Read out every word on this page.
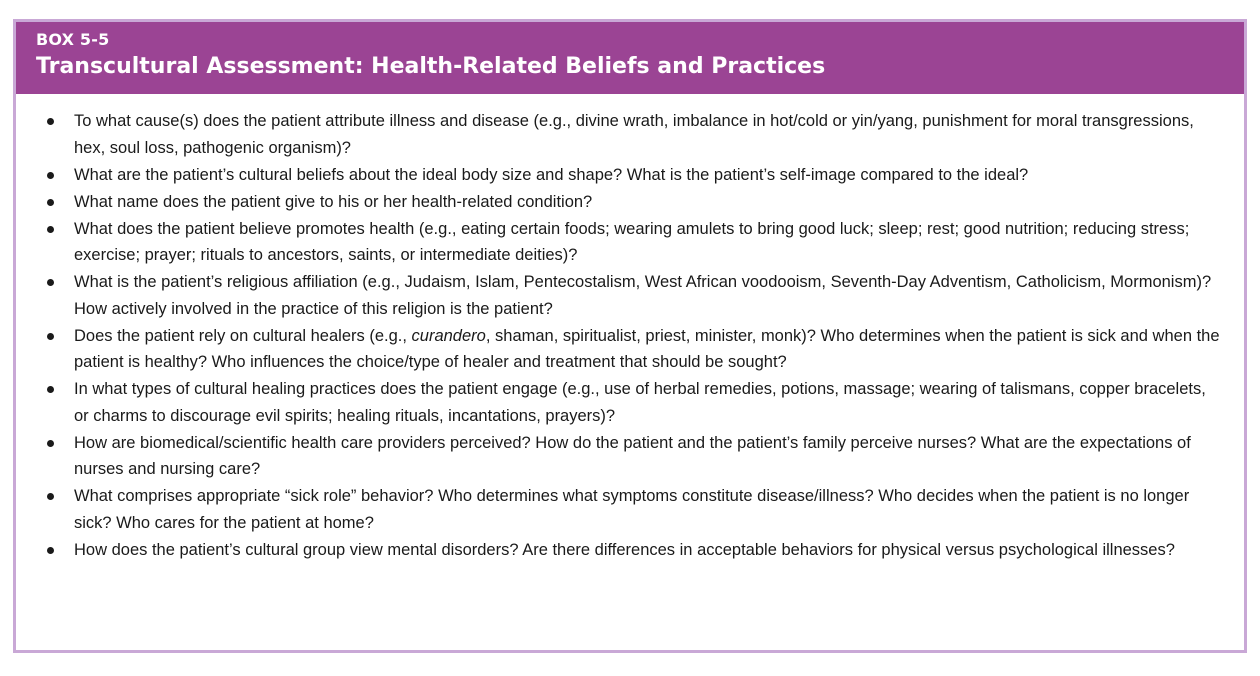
BOX 5-5
Transcultural Assessment: Health-Related Beliefs and Practices
To what cause(s) does the patient attribute illness and disease (e.g., divine wrath, imbalance in hot/cold or yin/yang, punishment for moral transgressions, hex, soul loss, pathogenic organism)?
What are the patient’s cultural beliefs about the ideal body size and shape? What is the patient’s self-image compared to the ideal?
What name does the patient give to his or her health-related condition?
What does the patient believe promotes health (e.g., eating certain foods; wearing amulets to bring good luck; sleep; rest; good nutrition; reducing stress; exercise; prayer; rituals to ancestors, saints, or intermediate deities)?
What is the patient’s religious affiliation (e.g., Judaism, Islam, Pentecostalism, West African voodooism, Seventh-Day Adventism, Catholicism, Mormonism)? How actively involved in the practice of this religion is the patient?
Does the patient rely on cultural healers (e.g., curandero, shaman, spiritualist, priest, minister, monk)? Who determines when the patient is sick and when the patient is healthy? Who influences the choice/type of healer and treatment that should be sought?
In what types of cultural healing practices does the patient engage (e.g., use of herbal remedies, potions, massage; wearing of talismans, copper bracelets, or charms to discourage evil spirits; healing rituals, incantations, prayers)?
How are biomedical/scientific health care providers perceived? How do the patient and the patient’s family perceive nurses? What are the expectations of nurses and nursing care?
What comprises appropriate “sick role” behavior? Who determines what symptoms constitute disease/illness? Who decides when the patient is no longer sick? Who cares for the patient at home?
How does the patient’s cultural group view mental disorders? Are there differences in acceptable behaviors for physical versus psychological illnesses?
